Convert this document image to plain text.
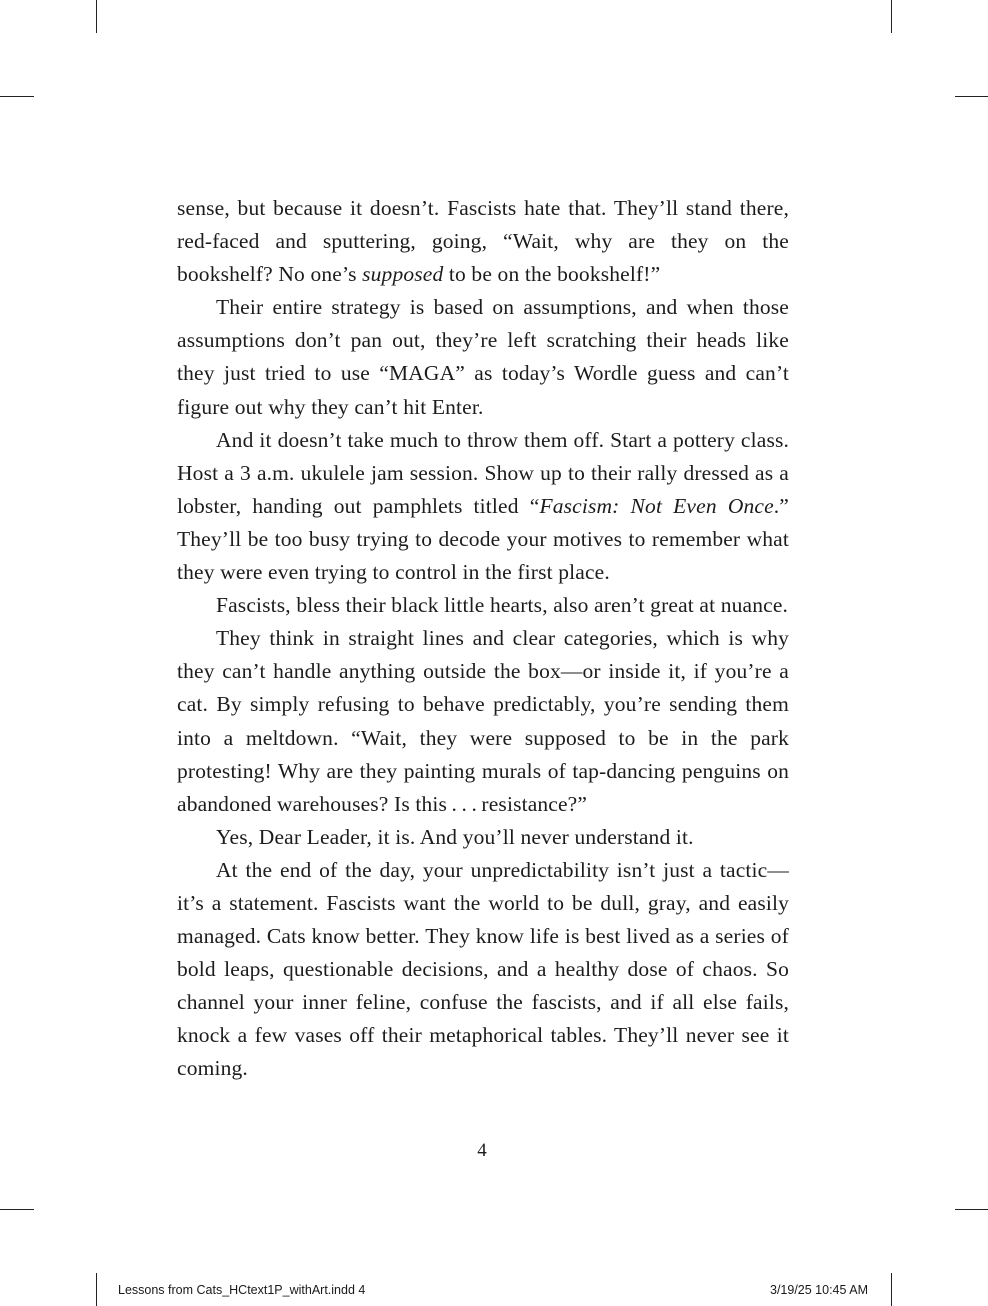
sense, but because it doesn’t. Fascists hate that. They’ll stand there, red-faced and sputtering, going, “Wait, why are they on the bookshelf? No one’s supposed to be on the bookshelf!”

Their entire strategy is based on assumptions, and when those assumptions don’t pan out, they’re left scratching their heads like they just tried to use “MAGA” as today’s Wordle guess and can’t figure out why they can’t hit Enter.

And it doesn’t take much to throw them off. Start a pottery class. Host a 3 a.m. ukulele jam session. Show up to their rally dressed as a lobster, handing out pamphlets titled “Fascism: Not Even Once.” They’ll be too busy trying to decode your motives to remember what they were even trying to control in the first place.

Fascists, bless their black little hearts, also aren’t great at nuance.

They think in straight lines and clear categories, which is why they can’t handle anything outside the box—or inside it, if you’re a cat. By simply refusing to behave predictably, you’re sending them into a meltdown. “Wait, they were supposed to be in the park protesting! Why are they painting murals of tap-dancing penguins on abandoned warehouses? Is this . . . resistance?”

Yes, Dear Leader, it is. And you’ll never understand it.

At the end of the day, your unpredictability isn’t just a tactic—it’s a statement. Fascists want the world to be dull, gray, and easily managed. Cats know better. They know life is best lived as a series of bold leaps, questionable decisions, and a healthy dose of chaos. So channel your inner feline, confuse the fascists, and if all else fails, knock a few vases off their metaphorical tables. They’ll never see it coming.

4
Lessons from Cats_HCtext1P_withArt.indd 4	3/19/25 10:45 AM
